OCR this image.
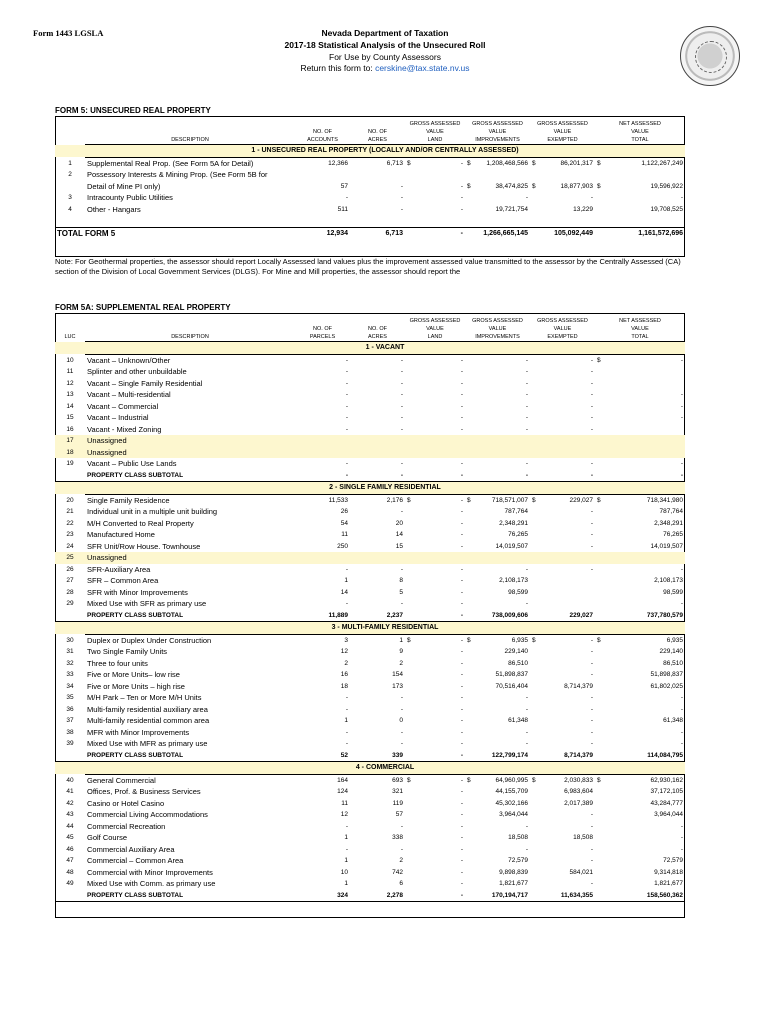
Form 1443 LGSLA	Nevada Department of Taxation
2017-18 Statistical Analysis of the Unsecured Roll
For Use by County Assessors
Return this form to: cerskine@tax.state.nv.us
FORM 5: UNSECURED REAL PROPERTY
				GROSS ASSESSED	GROSS ASSESSED	GROSS ASSESSED	NET ASSESSED
		NO. OF	NO. OF	VALUE	VALUE	VALUE	VALUE
	DESCRIPTION	ACCOUNTS	ACRES	LAND	IMPROVEMENTS	EXEMPTED	TOTAL
	1 - UNSECURED REAL PROPERTY (LOCALLY AND/OR CENTRALLY ASSESSED)						
1	Supplemental Real Prop. (See Form 5A for Detail)	12,366	6,713	$ -	$ 1,208,468,566	$ 86,201,317	$ 1,122,267,249
2	Possessory Interests & Mining Prop. (See Form 5B for						
	Detail of Mine PI only)	57	-	-	$ 38,474,825	$ 18,877,903	$ 19,596,922
3	Intracounty Public Utilities	-	-	-	-	-	-
4	Other - Hangars	511	-	-	19,721,754	13,229	19,708,525

TOTAL FORM 5		12,934	6,713	-	1,266,665,145	105,092,449	1,161,572,696
Note: For Geothermal properties, the assessor should report Locally Assessed land values plus the improvement assessed value transmitted to the assessor by the Centrally Assessed (CA) section of the Division of Local Government Services (DLGS). For Mine and Mill properties, the assessor should report the
FORM 5A: SUPPLEMENTAL REAL PROPERTY
				GROSS ASSESSED	GROSS ASSESSED	GROSS ASSESSED	NET ASSESSED
		NO. OF	NO. OF	VALUE	VALUE	VALUE	VALUE
LUC	DESCRIPTION	PARCELS	ACRES	LAND	IMPROVEMENTS	EXEMPTED	TOTAL
	1 - VACANT						
10	Vacant – Unknown/Other	-	-	-	-	-	$ -
11	Splinter and other unbuildable	-	-	-	-	-	
12	Vacant – Single Family Residential	-	-	-	-	-	
13	Vacant – Multi-residential	-	-	-	-	-	-
14	Vacant – Commercial	-	-	-	-	-	-
15	Vacant – Industrial	-	-	-	-	-	-
16	Vacant - Mixed Zoning	-	-	-	-	-	
17	Unassigned						
18	Unassigned						
19	Vacant – Public Use Lands	-	-	-	-	-	-
	PROPERTY CLASS SUBTOTAL	-	-	-	-	-	-
	2 - SINGLE FAMILY RESIDENTIAL						
20	Single Family Residence	11,533	2,176	$ -	$ 718,571,007	$ 229,027	$ 718,341,980
21	Individual unit in a multiple unit building	26	-	-	787,764	-	787,764
22	M/H Converted to Real Property	54	20	-	2,348,291	-	2,348,291
23	Manufactured Home	11	14	-	76,265	-	76,265
24	SFR Unit/Row House. Townhouse	250	15	-	14,019,507	-	14,019,507
25	Unassigned						
26	SFR-Auxiliary Area	-	-	-	-	-	-
27	SFR – Common Area	1	8	-	2,108,173		2,108,173
28	SFR with Minor Improvements	14	5	-	98,599		98,599
29	Mixed Use with SFR as primary use	-	-	-	-		-
	PROPERTY CLASS SUBTOTAL	11,889	2,237	-	738,009,606	229,027	737,780,579
	3 - MULTI-FAMILY RESIDENTIAL						
30	Duplex or Duplex Under Construction	3	1	$ -	$ 6,935	$ -	$ 6,935
31	Two Single Family Units	12	9	-	229,140	-	229,140
32	Three to four units	2	2	-	86,510	-	86,510
33	Five or More Units– low rise	16	154	-	51,898,837	-	51,898,837
34	Five or More Units – high rise	18	173	-	70,516,404	8,714,379	61,802,025
35	M/H Park – Ten or More M/H Units	-	-	-	-	-	-
36	Multi-family residential auxiliary area	-	-	-	-	-	-
37	Multi-family residential common area	1	0	-	61,348	-	61,348
38	MFR with Minor Improvements	-	-	-	-	-	-
39	Mixed Use with MFR as primary use	-	-	-	-	-	-
	PROPERTY CLASS SUBTOTAL	52	339	-	122,799,174	8,714,379	114,084,795
	4 - COMMERCIAL						
40	General Commercial	164	693	$ -	$ 64,960,995	$ 2,030,833	$ 62,930,162
41	Offices, Prof. & Business Services	124	321	-	44,155,709	6,983,604	37,172,105
42	Casino or Hotel Casino	11	119	-	45,302,166	2,017,389	43,284,777
43	Commercial Living Accommodations	12	57	-	3,964,044	-	3,964,044
44	Commercial Recreation	-	-	-	-	-	-
45	Golf Course	1	338	-	18,508	18,508	-
46	Commercial Auxiliary Area	-	-	-	-	-	-
47	Commercial – Common Area	1	2	-	72,579	-	72,579
48	Commercial with Minor Improvements	10	742	-	9,898,839	584,021	9,314,818
49	Mixed Use with Comm. as primary use	1	6	-	1,821,677	-	1,821,677
	PROPERTY CLASS SUBTOTAL	324	2,278	-	170,194,717	11,634,355	158,560,362
